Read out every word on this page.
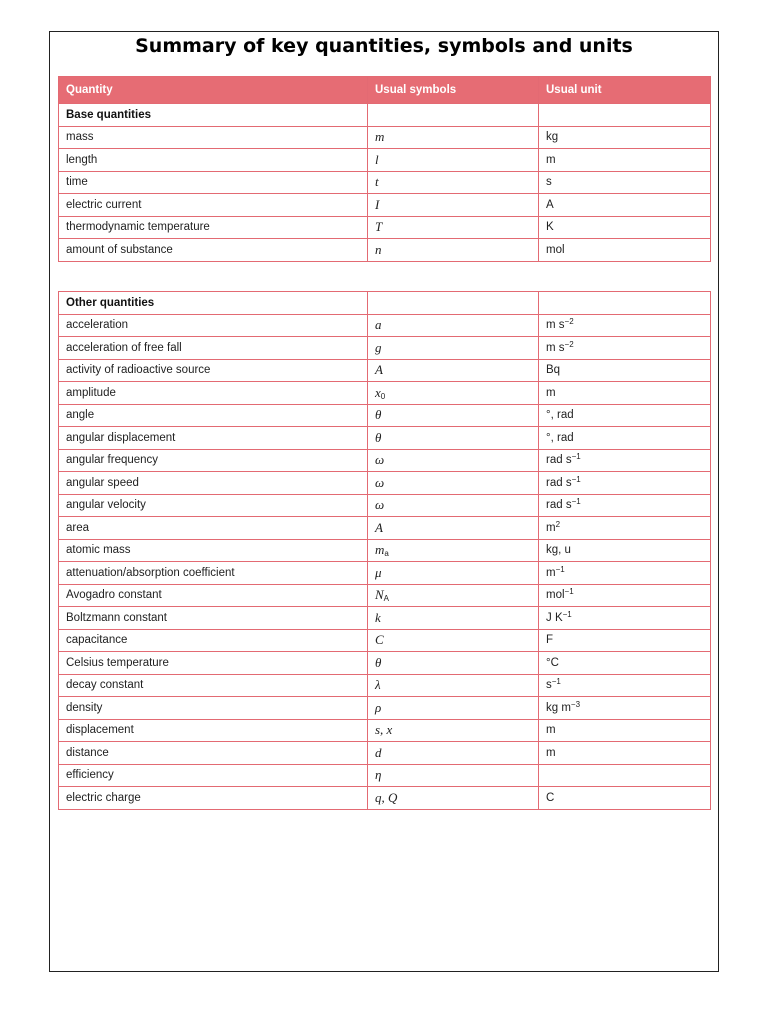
Summary of key quantities, symbols and units
Quantity	Usual symbols	Usual unit
Base quantities		
mass	m	kg
length	l	m
time	t	s
electric current	I	A
thermodynamic temperature	T	K
amount of substance	n	mol
Other quantities		
acceleration	a	m $s^{-2}$
acceleration of free fall	g	m $s^{-2}$
activity of radioactive source	A	Bq
amplitude	$x_0$	m
angle	θ	°, rad
angular displacement	θ	°, rad
angular frequency	ω	rad $s^{-1}$
angular speed	ω	rad $s^{-1}$
angular velocity	ω	rad $s^{-1}$
area	A	$m^2$
atomic mass	$m_a$	kg, u
attenuation/absorption coefficient	μ	$m^{-1}$
Avogadro constant	$N_A$	mol$^{-1}$
Boltzmann constant	k	J $K^{-1}$
capacitance	C	F
Celsius temperature	θ	°C
decay constant	λ	$s^{-1}$
density	ρ	kg $m^{-3}$
displacement	s, x	m
distance	d	m
efficiency	η	
electric charge	q, Q	C
